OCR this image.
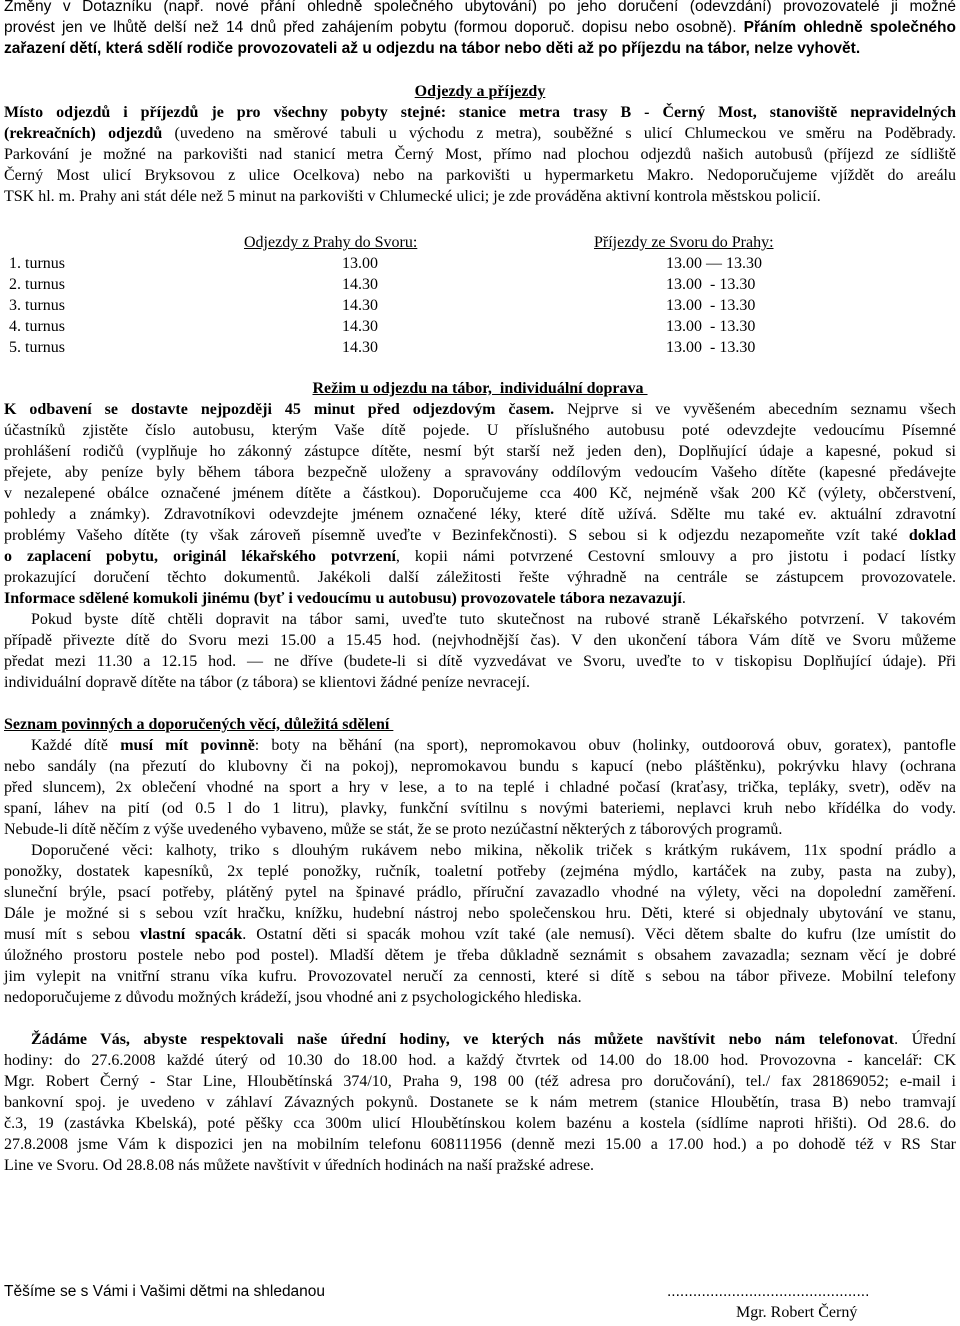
Změny v Dotazníku (např. nové přání ohledně společného ubytování) po jeho doručení (odevzdání) provozovatelé ji možné
provést jen ve lhůtě delší než 14 dnů před zahájením pobytu (formou doporuč. dopisu nebo osobně). Přáním ohledně společného
zařazení dětí, která sdělí rodiče provozovateli až u odjezdu na tábor nebo děti až po příjezdu na tábor, nelze vyhovět.
Odjezdy a příjezdy
Místo odjezdů i příjezdů je pro všechny pobyty stejné: stanice metra trasy B - Černý Most, stanoviště nepravidelných
(rekreačních) odjezdů (uvedeno na směrové tabuli u východu z metra), souběžné s ulicí Chlumeckou ve směru na Poděbrady.
Parkování je možné na parkovišti nad stanicí metra Černý Most, přímo nad plochou odjezdů našich autobusů (příjezd ze sídliště
Černý Most ulicí Bryksovou z ulice Ocelkova) nebo na parkovišti u hypermarketu Makro. Nedoporučujeme vjíždět do areálu
TSK hl. m. Prahy ani stát déle než 5 minut na parkovišti v Chlumecké ulici; je zde prováděna aktivní kontrola městskou policií.
Odjezdy z Prahy do Svoru:	Příjezdy ze Svoru do Prahy:
1. turnus	13.00	13.00 — 13.30
2. turnus	14.30	13.00  - 13.30
3. turnus	14.30	13.00  - 13.30
4. turnus	14.30	13.00  - 13.30
5. turnus	14.30	13.00  - 13.30
Režim u odjezdu na tábor,  individuální doprava
K odbavení se dostavte nejpozději 45 minut před odjezdovým časem. Nejprve si ve vyvěšeném abecedním seznamu všech
účastníků zjistěte číslo autobusu, kterým Vaše dítě pojede. U příslušného autobusu poté odevzdejte vedoucímu Písemné
prohlášení rodičů (vyplňuje ho zákonný zástupce dítěte, nesmí být starší než jeden den), Doplňující údaje a kapesné, pokud si
přejete, aby peníze byly během tábora bezpečně uloženy a spravovány oddílovým vedoucím Vašeho dítěte (kapesné předávejte
v nezalepené obálce označené jménem dítěte a částkou). Doporučujeme cca 400 Kč, nejméně však 200 Kč (výlety, občerstvení,
pohledy a známky). Zdravotníkovi odevzdejte jménem označené léky, které dítě užívá. Sdělte mu také ev. aktuální zdravotní
problémy Vašeho dítěte (ty však zároveň písemně uveďte v Bezinfekčnosti). S sebou si k odjezdu nezapomeňte vzít také doklad
o zaplacení pobytu, originál lékařského potvrzení, kopii námi potvrzené Cestovní smlouvy a pro jistotu i podací lístky
prokazující doručení těchto dokumentů. Jakékoli další záležitosti řešte výhradně na centrále se zástupcem provozovatele.
Informace sdělené komukoli jinému (byť i vedoucímu u autobusu) provozovatele tábora nezavazují.
Pokud byste dítě chtěli dopravit na tábor sami, uveďte tuto skutečnost na rubové straně Lékařského potvrzení. V takovém
případě přivezte dítě do Svoru mezi 15.00 a 15.45 hod. (nejvhodnější čas). V den ukončení tábora Vám dítě ve Svoru můžeme
předat mezi 11.30 a 12.15 hod. — ne dříve (budete-li si dítě vyzvedávat ve Svoru, uveďte to v tiskopisu Doplňující údaje). Při
individuální dopravě dítěte na tábor (z tábora) se klientovi žádné peníze nevracejí.
Seznam povinných a doporučených věcí, důležitá sdělení
Každé dítě musí mít povinně: boty na běhání (na sport), nepromokavou obuv (holinky, outdoorová obuv, goratex), pantofle
nebo sandály (na přezutí do klubovny či na pokoj), nepromokavou bundu s kapucí (nebo pláštěnku), pokrývku hlavy (ochrana
před sluncem), 2x oblečení vhodné na sport a hry v lese, a to na teplé i chladné počasí (kraťasy, trička, tepláky, svetr), oděv na
spaní, láhev na pití (od 0.5 l do 1 litru), plavky, funkční svítilnu s novými bateriemi, neplavci kruh nebo křídélka do vody.
Nebude-li dítě něčím z výše uvedeného vybaveno, může se stát, že se proto nezúčastní některých z táborových programů.
Doporučené věci: kalhoty, triko s dlouhým rukávem nebo mikina, několik triček s krátkým rukávem, 11x spodní prádlo a
ponožky, dostatek kapesníků, 2x teplé ponožky, ručník, toaletní potřeby (zejména mýdlo, kartáček na zuby, pasta na zuby),
sluneční brýle, psací potřeby, plátěný pytel na špinavé prádlo, příruční zavazadlo vhodné na výlety, věci na dopolední zaměření.
Dále je možné si s sebou vzít hračku, knížku, hudební nástroj nebo společenskou hru. Děti, které si objednaly ubytování ve stanu,
musí mít s sebou vlastní spacák. Ostatní děti si spacák mohou vzít také (ale nemusí). Věci dětem sbalte do kufru (lze umístit do
úložného prostoru postele nebo pod postel). Mladší dětem je třeba důkladně seznámit s obsahem zavazadla; seznam věcí je dobré
jim vylepit na vnitřní stranu víka kufru. Provozovatel neručí za cennosti, které si dítě s sebou na tábor přiveze. Mobilní telefony
nedoporučujeme z důvodu možných krádeží, jsou vhodné ani z psychologického hlediska.
Žádáme Vás, abyste respektovali naše úřední hodiny, ve kterých nás můžete navštívit nebo nám telefonovat. Úřední
hodiny: do 27.6.2008 každé úterý od 10.30 do 18.00 hod. a každý čtvrtek od 14.00 do 18.00 hod. Provozovna - kancelář: CK
Mgr. Robert Černý - Star Line, Hloubětínská 374/10, Praha 9, 198 00 (též adresa pro doručování), tel./ fax 281869052; e-mail i
bankovní spoj. je uvedeno v záhlaví Závazných pokynů. Dostanete se k nám metrem (stanice Hloubětín, trasa B) nebo tramvají
č.3, 19 (zastávka Kbelská), poté pěšky cca 300m ulicí Hloubětínskou kolem bazénu a kostela (sídlíme naproti hřišti). Od 28.6. do
27.8.2008 jsme Vám k dispozici jen na mobilním telefonu 608111956 (denně mezi 15.00 a 17.00 hod.) a po dohodě též v RS Star
Line ve Svoru. Od 28.8.08 nás můžete navštívit v úředních hodinách na naší pražské adrese.
Těšíme se s Vámi i Vašimi dětmi na shledanou	...............................................
Mgr. Robert Černý
